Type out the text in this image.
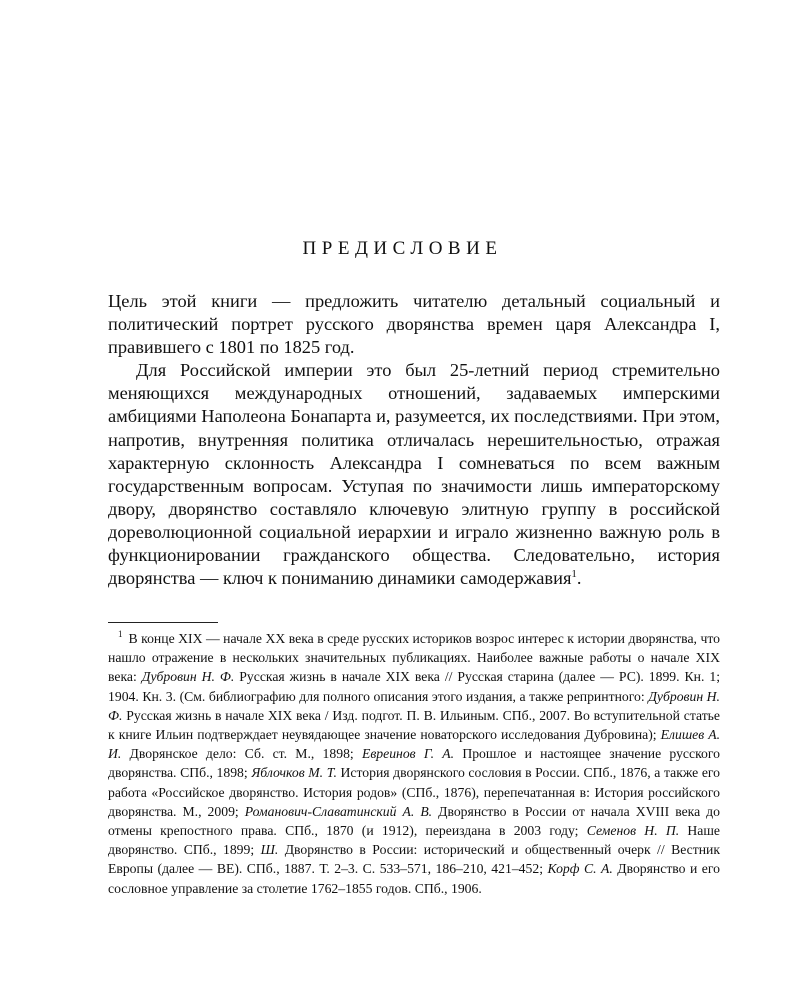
ПРЕДИСЛОВИЕ

Цель этой книги — предложить читателю детальный социальный и политический портрет русского дворянства времен царя Александра I, правившего с 1801 по 1825 год.

Для Российской империи это был 25-летний период стремительно меняющихся международных отношений, задаваемых имперскими амбициями Наполеона Бонапарта и, разумеется, их последствиями. При этом, напротив, внутренняя политика отличалась нерешительностью, отражая характерную склонность Александра I сомневаться по всем важным государственным вопросам. Уступая по значимости лишь императорскому двору, дворянство составляло ключевую элитную группу в российской дореволюционной социальной иерархии и играло жизненно важную роль в функционировании гражданского общества. Следовательно, история дворянства — ключ к пониманию динамики самодержавия$^1$.

$^1$ В конце XIX — начале XX века в среде русских историков возрос интерес к истории дворянства, что нашло отражение в нескольких значительных публикациях. Наиболее важные работы о начале XIX века: Дубровин Н. Ф. Русская жизнь в начале XIX века // Русская старина (далее — РС). 1899. Кн. 1; 1904. Кн. 3. (См. библиографию для полного описания этого издания, а также репринтного: Дубровин Н. Ф. Русская жизнь в начале XIX века / Изд. подгот. П. В. Ильиным. СПб., 2007. Во вступительной статье к книге Ильин подтверждает неувядающее значение новаторского исследования Дубровина); Елишев А. И. Дворянское дело: Сб. ст. М., 1898; Евреинов Г. А. Прошлое и настоящее значение русского дворянства. СПб., 1898; Яблочков М. Т. История дворянского сословия в России. СПб., 1876, а также его работа «Российское дворянство. История родов» (СПб., 1876), перепечатанная в: История российского дворянства. М., 2009; Романович-Славатинский А. В. Дворянство в России от начала XVIII века до отмены крепостного права. СПб., 1870 (и 1912), переиздана в 2003 году; Семенов Н. П. Наше дворянство. СПб., 1899; Ш. Дворянство в России: исторический и общественный очерк // Вестник Европы (далее — ВЕ). СПб., 1887. Т. 2–3. С. 533–571, 186–210, 421–452; Корф С. А. Дворянство и его сословное управление за столетие 1762–1855 годов. СПб., 1906.
